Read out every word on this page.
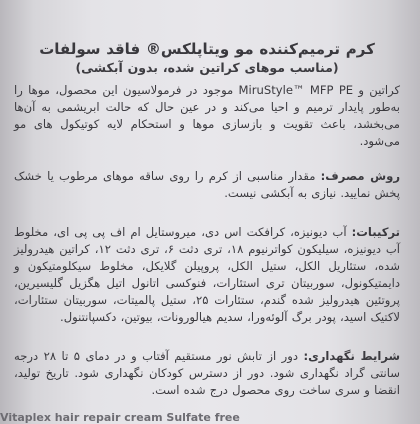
کرم ترمیم‌کننده مو ویتاپلکس® فاقد سولفات
(مناسب موهای کراتین شده، بدون آبکشی)
کراتین و MiruStyle™ MFP PE موجود در فرمولاسیون این محصول، موها را به‌طور پایدار ترمیم و احیا می‌کند و در عین حال که حالت ابریشمی به آن‌ها می‌بخشد، باعث تقویت و بازسازی موها و استحکام لایه کوتیکول های مو می‌شود.
روش مصرف: مقدار مناسبی از کرم را روی ساقه موهای مرطوب یا خشک پخش نمایید. نیازی به آبکشی نیست.
ترکیبات: آب دیونیزه، کرافکت اس دی، میروستایل ام اف پی پی ای، مخلوط آب دیونیزه، سیلیکون کواترنیوم ۱۸، تری دثت ۶، تری دثت ۱۲، کراتین هیدرولیز شده، ستئاریل الکل، ستیل الکل، پروپیلن گلایکل، مخلوط سیکلومتیکون و دایمتیکونول، سوربیتان تری استئارات، فنوکسی اتانول اتیل هگزیل گلیسیرین، پروتئین هیدرولیز شده گندم، ستئارات ۲۵، ستیل پالمیتات، سوربیتان ستئارات، لاکتیک اسید، پودر برگ آلوئه‌ورا، سدیم هیالورونات، بیوتین، دکسپانتنول.
شرایط نگهداری: دور از تابش نور مستقیم آفتاب و در دمای ۵ تا ۲۸ درجه سانتی گراد نگهداری شود. دور از دسترس کودکان نگهداری شود. تاریخ تولید، انقضا و سری ساخت روی محصول درج شده است.
Vitaplex hair repair cream Sulfate free
